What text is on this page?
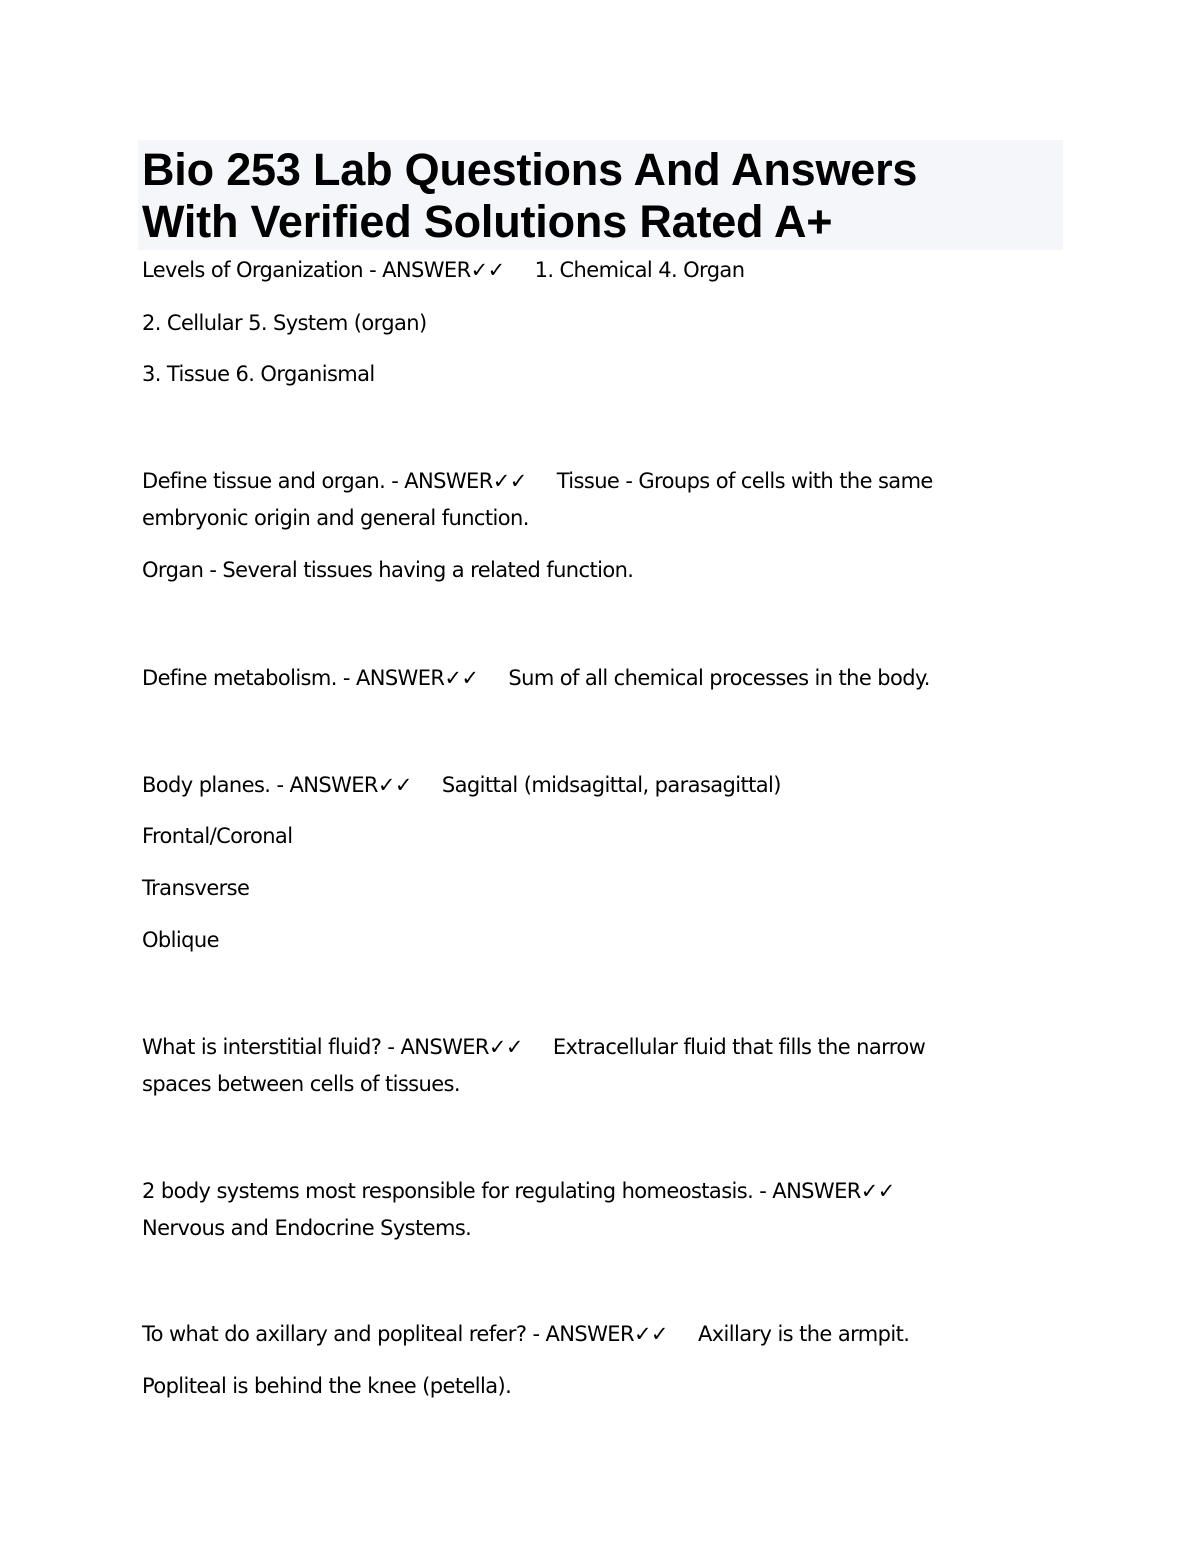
Bio 253 Lab Questions And Answers
With Verified Solutions Rated A+
Levels of Organization - ANSWER✓✓ 1. Chemical 4. Organ
2. Cellular 5. System (organ)
3. Tissue 6. Organismal
Define tissue and organ. - ANSWER✓✓ Tissue - Groups of cells with the same
embryonic origin and general function.
Organ - Several tissues having a related function.
Define metabolism. - ANSWER✓✓ Sum of all chemical processes in the body.
Body planes. - ANSWER✓✓ Sagittal (midsagittal, parasagittal)
Frontal/Coronal
Transverse
Oblique
What is interstitial fluid? - ANSWER✓✓ Extracellular fluid that fills the narrow
spaces between cells of tissues.
2 body systems most responsible for regulating homeostasis. - ANSWER✓✓
Nervous and Endocrine Systems.
To what do axillary and popliteal refer? - ANSWER✓✓ Axillary is the armpit.
Popliteal is behind the knee (petella).
